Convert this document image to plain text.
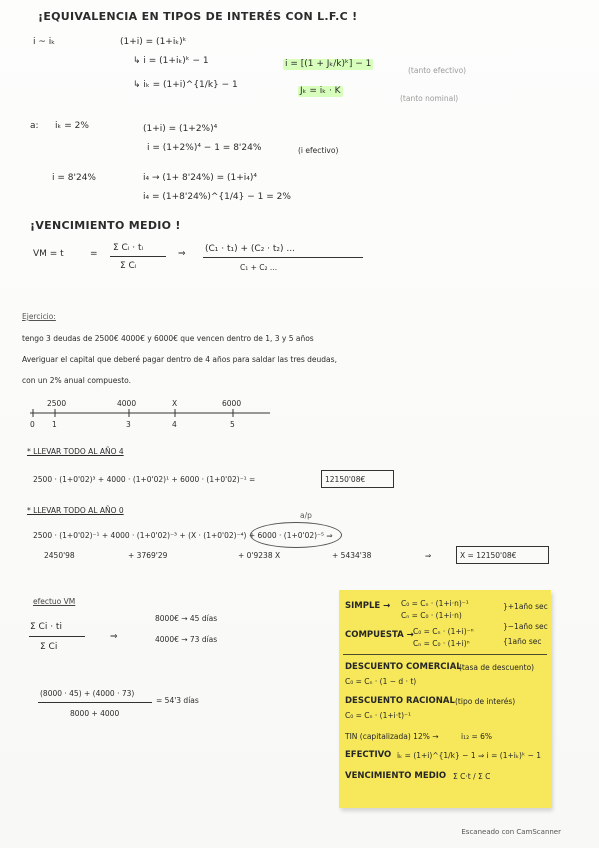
¡EQUIVALENCIA EN TIPOS DE INTERÉS CON L.F.C !
i ~ iₖ	(1+i) = (1+iₖ)ᵏ
↳ i = (1+iₖ)ᵏ − 1	i = [(1 + Jₖ/k)ᵏ] − 1
(tanto efectivo)
↳ iₖ = (1+i)^{1/k} − 1
Jₖ = iₖ · K
(tanto nominal)
a: iₖ = 2%	(1+i) = (1+2%)⁴
i = (1+2%)⁴ − 1 = 8'24%	(i efectivo)
i = 8'24%	i₄ → (1+ 8'24%) = (1+i₄)⁴
i₄ = (1+8'24%)^{1/4} − 1 = 2%
¡VENCIMIENTO MEDIO !
VM = t	=
Σ Cᵢ · tᵢ
Σ Cᵢ
⇒ (C₁ · t₁) + (C₂ · t₂) ...
C₁ + C₂ ...
Ejercicio:
tengo 3 deudas de 2500€ 4000€ y 6000€ que vencen dentro de 1, 3 y 5 años
Averiguar el capital que deberé pagar dentro de 4 años para saldar las tres deudas,
con un 2% anual compuesto.
2500	4000	X	6000
0 1	3	4	5
* LLEVAR TODO AL AÑO 4
2500 · (1+0'02)³ + 4000 · (1+0'02)¹ + 6000 · (1+0'02)⁻¹ =	12150'08€
* LLEVAR TODO AL AÑO 0
a/p
2500 · (1+0'02)⁻¹ + 4000 · (1+0'02)⁻³ + (X · (1+0'02)⁻⁴) + 6000 · (1+0'02)⁻⁵ ⇒
2450'98	+ 3769'29	+ 0'9238 X	+ 5434'38	⇒	X = 12150'08€
efectuo VM
Σ Ci · ti
Σ Ci
⇒
8000€ → 45 días
4000€ → 73 días
(8000 · 45) + (4000 · 73)
8000 + 4000
= 54'3 días
SIMPLE → C₀ = Cₙ · (1+i·n)⁻¹
Cₙ = C₀ · (1+i·n)
}+1año sec
COMPUESTA → C₀ = Cₙ · (1+i)⁻ⁿ
Cₙ = C₀ · (1+i)ⁿ
}−1año sec
{1año sec
DESCUENTO COMERCIAL
(tasa de descuento)
C₀ = Cₙ · (1 − d · t)
DESCUENTO RACIONAL (tipo de interés)
C₀ = Cₙ · (1+i·t)⁻¹
TIN (capitalizada) 12% →	i₁₂ = 6%
EFECTIVO iₖ = (1+i)^{1/k} − 1 ⇒ i = (1+iₖ)ᵏ − 1
VENCIMIENTO MEDIO Σ C·t / Σ C
Escaneado con CamScanner
